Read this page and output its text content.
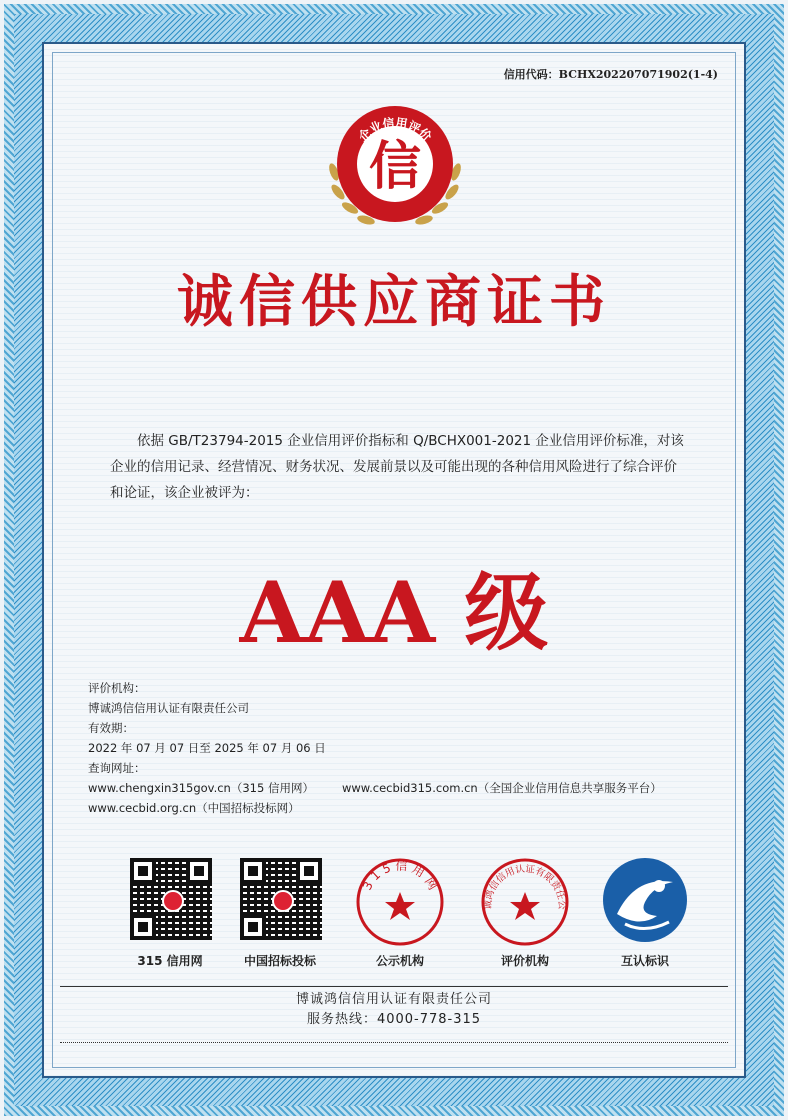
信用代码：BCHX202207071902(1-4)
企业信用评价
信
诚信供应商证书

依据 GB/T23794-2015 企业信用评价指标和 Q/BCHX001-2021 企业信用评价标准，对该企业的信用记录、经营情况、财务状况、发展前景以及可能出现的各种信用风险进行了综合评价和论证，该企业被评为：

AAA 级
评价机构：
博诚鸿信信用认证有限责任公司
有效期：
2022 年 07 月 07 日至 2025 年 07 月 06 日
查询网址：
www.chengxin315gov.cn（315 信用网） www.cecbid315.com.cn（全国企业信用信息共享服务平台）
www.cecbid.org.cn（中国招标投标网）
315 信用网	中国招标投标
3 1 5 信 用 网
公示机构
诚鸿信信用认证有限责任公
评价机构	互认标识
博诚鸿信信用认证有限责任公司
服务热线：4000-778-315
